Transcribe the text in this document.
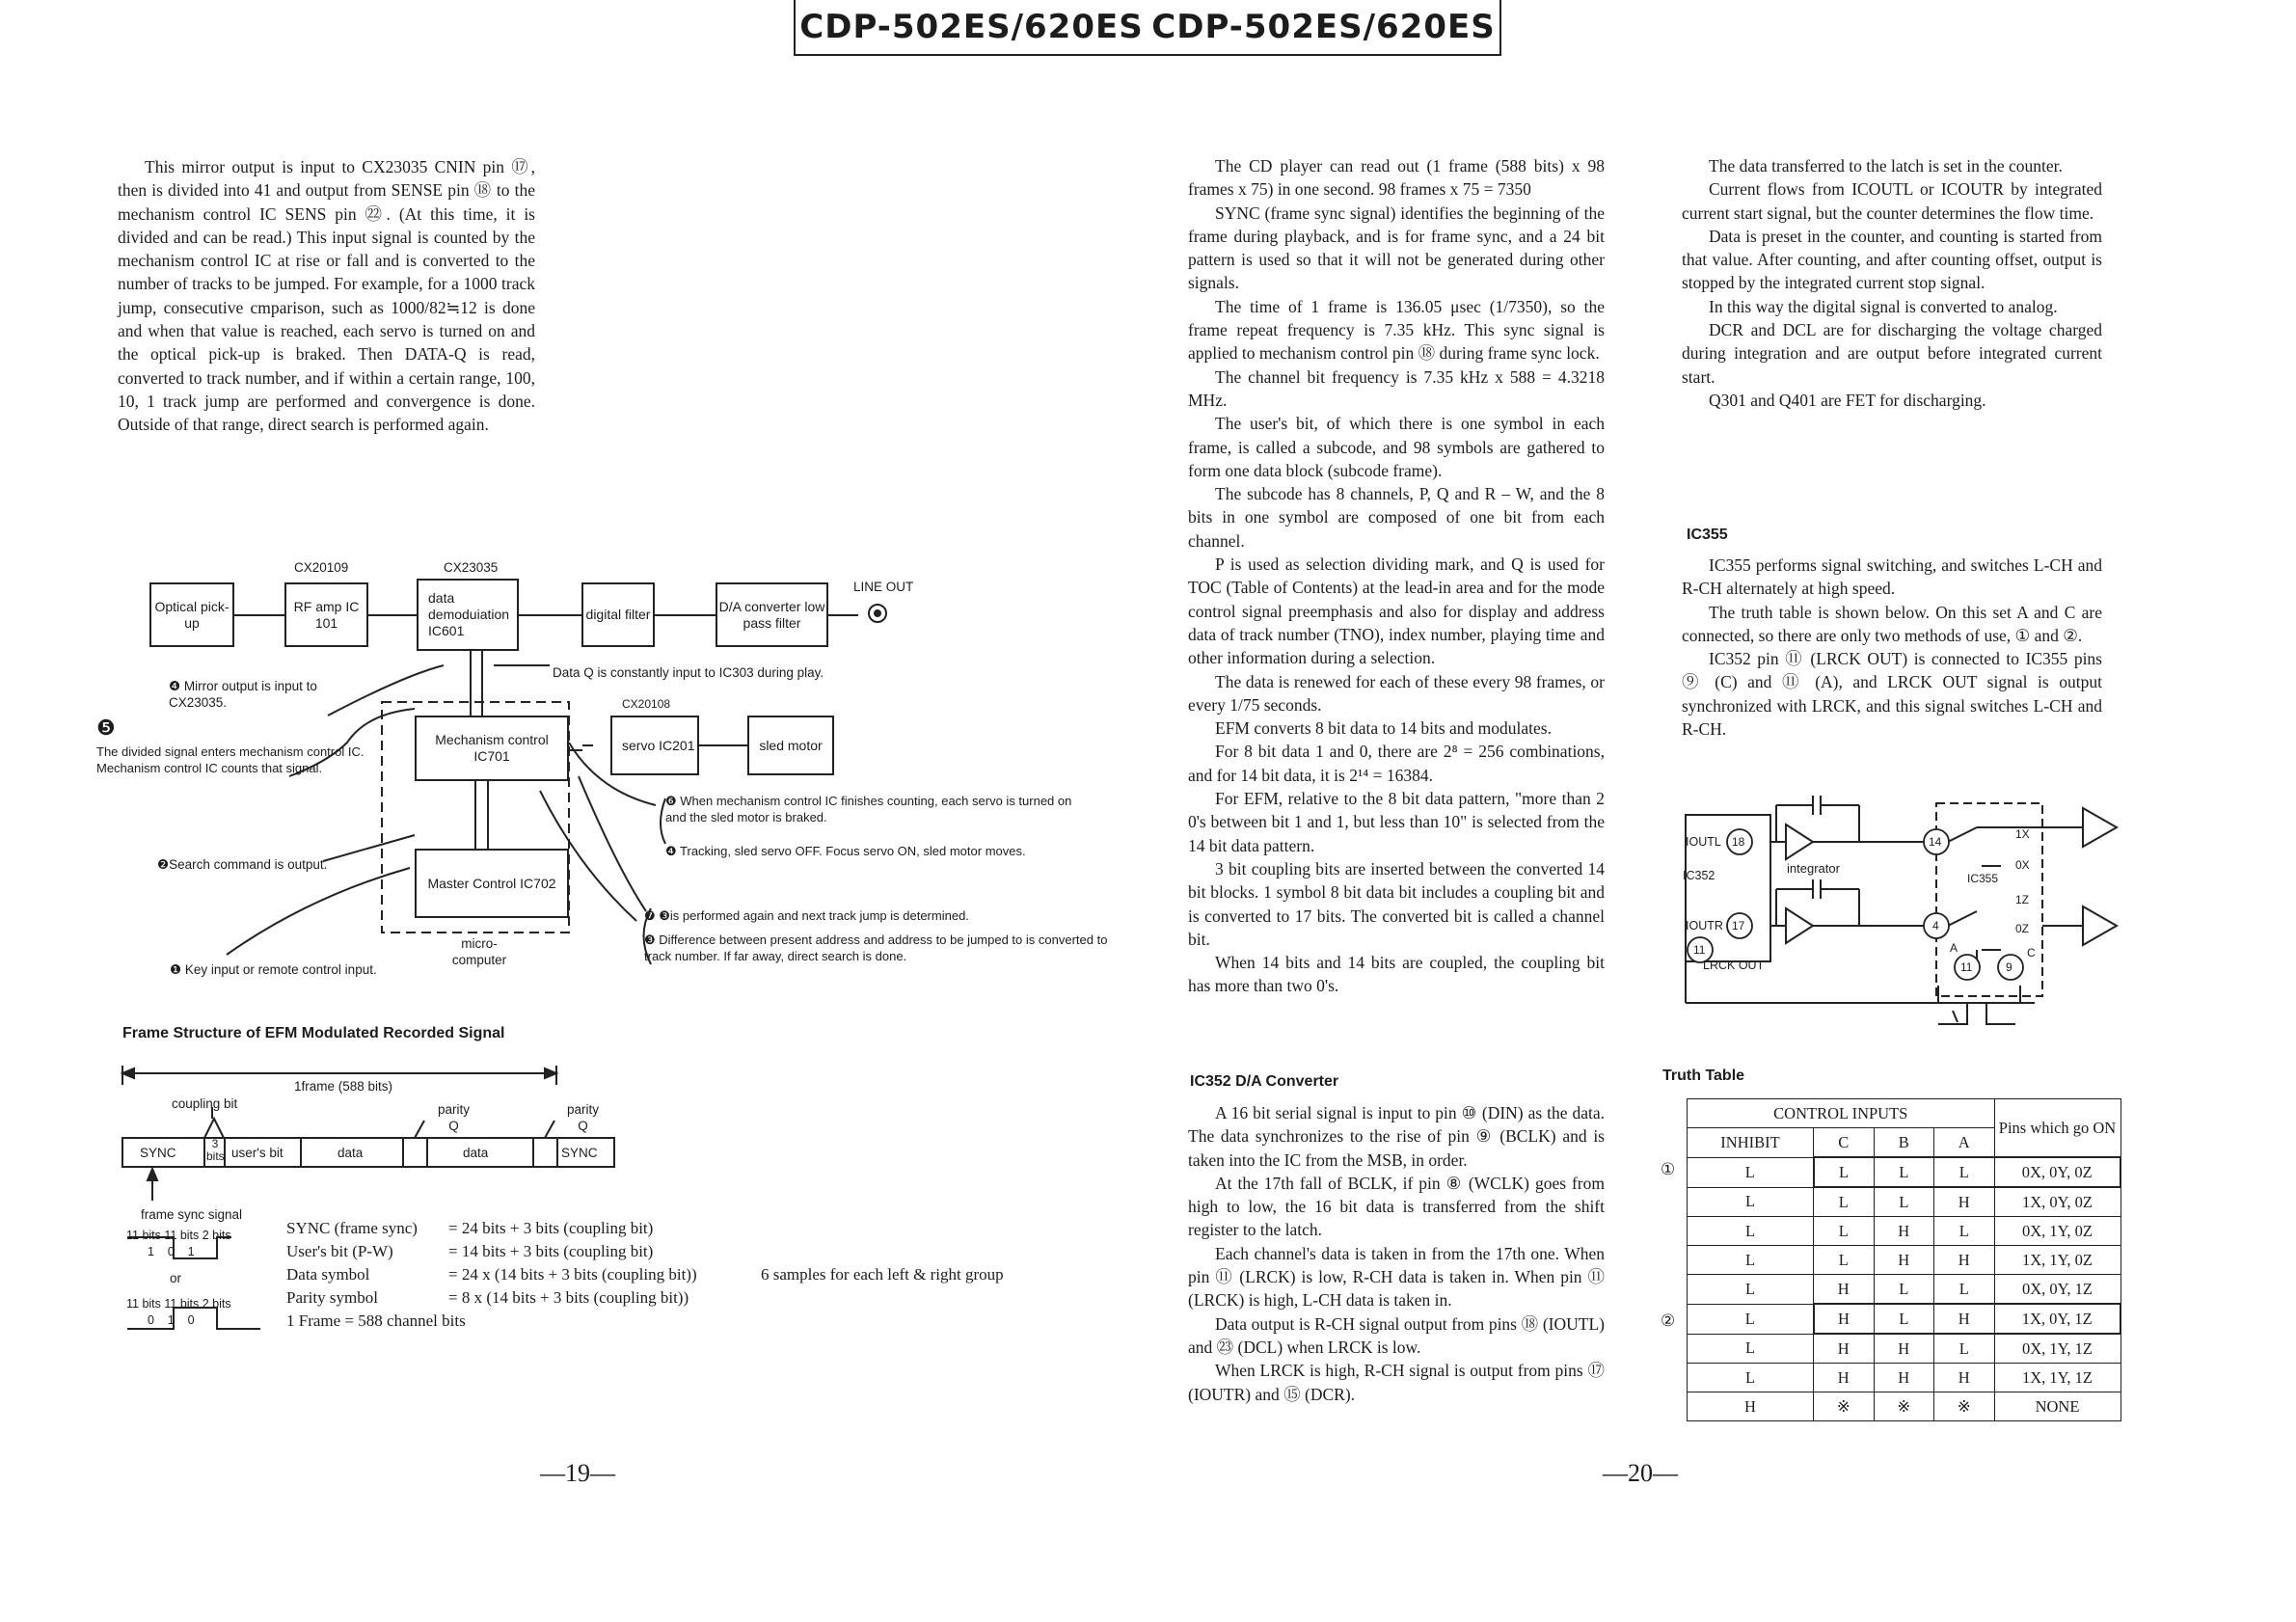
CDP-502ES/620ES CDP-502ES/620ES

This mirror output is input to CX23035 CNIN pin ⑰, then is divided into 41 and output from SENSE pin ⑱ to the mechanism control IC SENS pin ㉒. (At this time, it is divided and can be read.) This input signal is counted by the mechanism control IC at rise or fall and is converted to the number of tracks to be jumped. For example, for a 1000 track jump, consecutive cmparison, such as 1000/82≒12 is done and when that value is reached, each servo is turned on and the optical pick-up is braked. Then DATA-Q is read, converted to track number, and if within a certain range, 100, 10, 1 track jump are performed and convergence is done. Outside of that range, direct search is performed again.

CX20109	CX23035
CX20108
Optical pick-up
RF amp IC 101
data demoduiation IC601
digital filter
D/A converter low pass filter
LINE OUT
Mechanism control IC701
servo IC201	sled motor
Master Control IC702
micro- computer
Data Q is constantly input to IC303 during play.
❹ Mirror output is input to CX23035.
❺
The divided signal enters mechanism control IC. Mechanism control IC counts that signal.
❷Search command is output.
❶ Key input or remote control input.
❻ When mechanism control IC finishes counting, each servo is turned on and the sled motor is braked.
❹ Tracking, sled servo OFF. Focus servo ON, sled motor moves.
❼ ❸is performed again and next track jump is determined.
❸ Difference between present address and address to be jumped to is converted to track number. If far away, direct search is done.
Frame Structure of EFM Modulated Recorded Signal
1frame (588 bits)
coupling bit	parity Q
parity Q
SYNC
3 bits user's bit	data	data	SYNC
frame sync signal
11 bits 11 bits 2 bits
1    0    1
or
11 bits 11 bits 2 bits
0    1    0
SYNC (frame sync) = 24 bits + 3 bits (coupling bit)
User's bit (P-W)	= 14 bits + 3 bits (coupling bit)
Data symbol	= 24 x (14 bits + 3 bits (coupling bit))	6 samples for each left & right group
Parity symbol	= 8 x (14 bits + 3 bits (coupling bit))
1 Frame = 588 channel bits
—19—

The CD player can read out (1 frame (588 bits) x 98 frames x 75) in one second. 98 frames x 75 = 7350

SYNC (frame sync signal) identifies the beginning of the frame during playback, and is for frame sync, and a 24 bit pattern is used so that it will not be generated during other signals.

The time of 1 frame is 136.05 μsec (1/7350), so the frame repeat frequency is 7.35 kHz. This sync signal is applied to mechanism control pin ⑱ during frame sync lock.

The channel bit frequency is 7.35 kHz x 588 = 4.3218 MHz.

The user's bit, of which there is one symbol in each frame, is called a subcode, and 98 symbols are gathered to form one data block (subcode frame).

The subcode has 8 channels, P, Q and R – W, and the 8 bits in one symbol are composed of one bit from each channel.

P is used as selection dividing mark, and Q is used for TOC (Table of Contents) at the lead-in area and for the mode control signal preemphasis and also for display and address data of track number (TNO), index number, playing time and other information during a selection.

The data is renewed for each of these every 98 frames, or every 1/75 seconds.

EFM converts 8 bit data to 14 bits and modulates.

For 8 bit data 1 and 0, there are 2⁸ = 256 combinations, and for 14 bit data, it is 2¹⁴ = 16384.

For EFM, relative to the 8 bit data pattern, "more than 2 0's between bit 1 and 1, but less than 10" is selected from the 14 bit data pattern.

3 bit coupling bits are inserted between the converted 14 bit blocks. 1 symbol 8 bit data bit includes a coupling bit and is converted to 17 bits. The converted bit is called a channel bit.

When 14 bits and 14 bits are coupled, the coupling bit has more than two 0's.

IC352 D/A Converter

A 16 bit serial signal is input to pin ⑩ (DIN) as the data. The data synchronizes to the rise of pin ⑨ (BCLK) and is taken into the IC from the MSB, in order.

At the 17th fall of BCLK, if pin ⑧ (WCLK) goes from high to low, the 16 bit data is transferred from the shift register to the latch.

Each channel's data is taken in from the 17th one. When pin ⑪ (LRCK) is low, R-CH data is taken in. When pin ⑪ (LRCK) is high, L-CH data is taken in.

Data output is R-CH signal output from pins ⑱ (IOUTL) and ㉓ (DCL) when LRCK is low.

When LRCK is high, R-CH signal is output from pins ⑰ (IOUTR) and ⑮ (DCR).

—20—

The data transferred to the latch is set in the counter.

Current flows from ICOUTL or ICOUTR by integrated current start signal, but the counter determines the flow time.

Data is preset in the counter, and counting is started from that value. After counting, and after counting offset, output is stopped by the integrated current stop signal.

In this way the digital signal is converted to analog.

DCR and DCL are for discharging the voltage charged during integration and are output before integrated current start.

Q301 and Q401 are FET for discharging.

IC355

IC355 performs signal switching, and switches L-CH and R-CH alternately at high speed.

The truth table is shown below. On this set A and C are connected, so there are only two methods of use, ① and ②.

IC352 pin ⑪ (LRCK OUT) is connected to IC355 pins ⑨ (C) and ⑪ (A), and LRCK OUT signal is output synchronized with LRCK, and this signal switches L-CH and R-CH.

IOUTL 18
IC352	integrator
IOUTR 17
11
LRCK OUT
14
4
11	9
1X
0X
IC355
1Z
0Z
A	C
Truth Table
①
②
CONTROL INPUTS				Pins which go ON
INHIBIT	C	B	A	
L	L	L	L	0X, 0Y, 0Z
L	L	L	H	1X, 0Y, 0Z
L	L	H	L	0X, 1Y, 0Z
L	L	H	H	1X, 1Y, 0Z
L	H	L	L	0X, 0Y, 1Z
L	H	L	H	1X, 0Y, 1Z
L	H	H	L	0X, 1Y, 1Z
L	H	H	H	1X, 1Y, 1Z
H	※	※	※	NONE
